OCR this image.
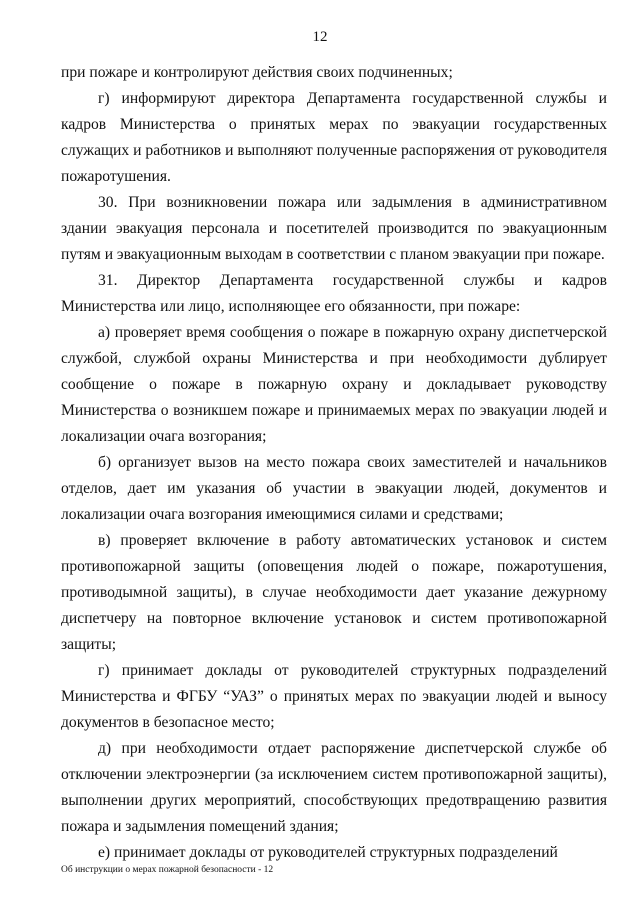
12

при пожаре и контролируют действия своих подчиненных;

г) информируют директора Департамента государственной службы и кадров Министерства о принятых мерах по эвакуации государственных служащих и работников и выполняют полученные распоряжения от руководителя пожаротушения.

30. При возникновении пожара или задымления в административном здании эвакуация персонала и посетителей производится по эвакуационным путям и эвакуационным выходам в соответствии с планом эвакуации при пожаре.

31. Директор Департамента государственной службы и кадров Министерства или лицо, исполняющее его обязанности, при пожаре:

а) проверяет время сообщения о пожаре в пожарную охрану диспетчерской службой, службой охраны Министерства и при необходимости дублирует сообщение о пожаре в пожарную охрану и докладывает руководству Министерства о возникшем пожаре и принимаемых мерах по эвакуации людей и локализации очага возгорания;

б) организует вызов на место пожара своих заместителей и начальников отделов, дает им указания об участии в эвакуации людей, документов и локализации очага возгорания имеющимися силами и средствами;

в) проверяет включение в работу автоматических установок и систем противопожарной защиты (оповещения людей о пожаре, пожаротушения, противодымной защиты), в случае необходимости дает указание дежурному диспетчеру на повторное включение установок и систем противопожарной защиты;

г) принимает доклады от руководителей структурных подразделений Министерства и ФГБУ “УАЗ” о принятых мерах по эвакуации людей и выносу документов в безопасное место;

д) при необходимости отдает распоряжение диспетчерской службе об отключении электроэнергии (за исключением систем противопожарной защиты), выполнении других мероприятий, способствующих предотвращению развития пожара и задымления помещений здания;

е) принимает доклады от руководителей структурных подразделений

Об инструкции о мерах пожарной безопасности - 12
